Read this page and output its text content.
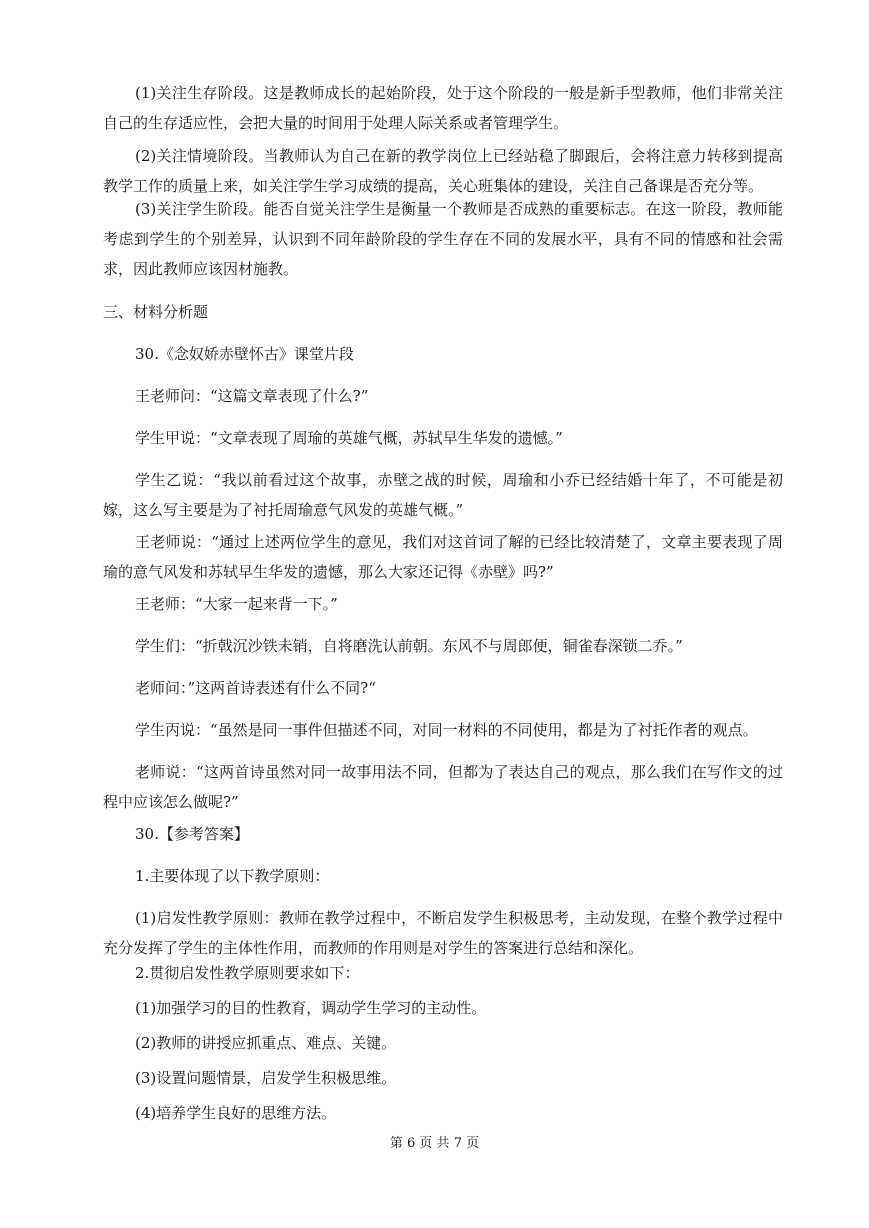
(1)关注生存阶段。这是教师成长的起始阶段，处于这个阶段的一般是新手型教师，他们非常关注自己的生存适应性，会把大量的时间用于处理人际关系或者管理学生。

(2)关注情境阶段。当教师认为自己在新的教学岗位上已经站稳了脚跟后，会将注意力转移到提高教学工作的质量上来，如关注学生学习成绩的提高，关心班集体的建设，关注自己备课是否充分等。

(3)关注学生阶段。能否自觉关注学生是衡量一个教师是否成熟的重要标志。在这一阶段，教师能考虑到学生的个别差异，认识到不同年龄阶段的学生存在不同的发展水平，具有不同的情感和社会需求，因此教师应该因材施教。

三、材料分析题

30.《念奴娇赤壁怀古》课堂片段

王老师问：“这篇文章表现了什么?”

学生甲说：“文章表现了周瑜的英雄气概，苏轼早生华发的遗憾。”

学生乙说：“我以前看过这个故事，赤壁之战的时候，周瑜和小乔已经结婚十年了，不可能是初嫁，这么写主要是为了衬托周瑜意气风发的英雄气概。”

王老师说：“通过上述两位学生的意见，我们对这首词了解的已经比较清楚了，文章主要表现了周瑜的意气风发和苏轼早生华发的遗憾，那么大家还记得《赤壁》吗?”

王老师：“大家一起来背一下。”

学生们：“折戟沉沙铁未销，自将磨洗认前朝。东风不与周郎便，铜雀春深锁二乔。”

老师问：”这两首诗表述有什么不同?“

学生丙说：“虽然是同一事件但描述不同，对同一材料的不同使用，都是为了衬托作者的观点。

老师说：“这两首诗虽然对同一故事用法不同，但都为了表达自己的观点，那么我们在写作文的过程中应该怎么做呢?”

30.【参考答案】

1.主要体现了以下教学原则：

(1)启发性教学原则：教师在教学过程中，不断启发学生积极思考，主动发现，在整个教学过程中充分发挥了学生的主体性作用，而教师的作用则是对学生的答案进行总结和深化。

2.贯彻启发性教学原则要求如下：

(1)加强学习的目的性教育，调动学生学习的主动性。

(2)教师的讲授应抓重点、难点、关键。

(3)设置问题情景，启发学生积极思维。

(4)培养学生良好的思维方法。

第 6 页 共 7 页
